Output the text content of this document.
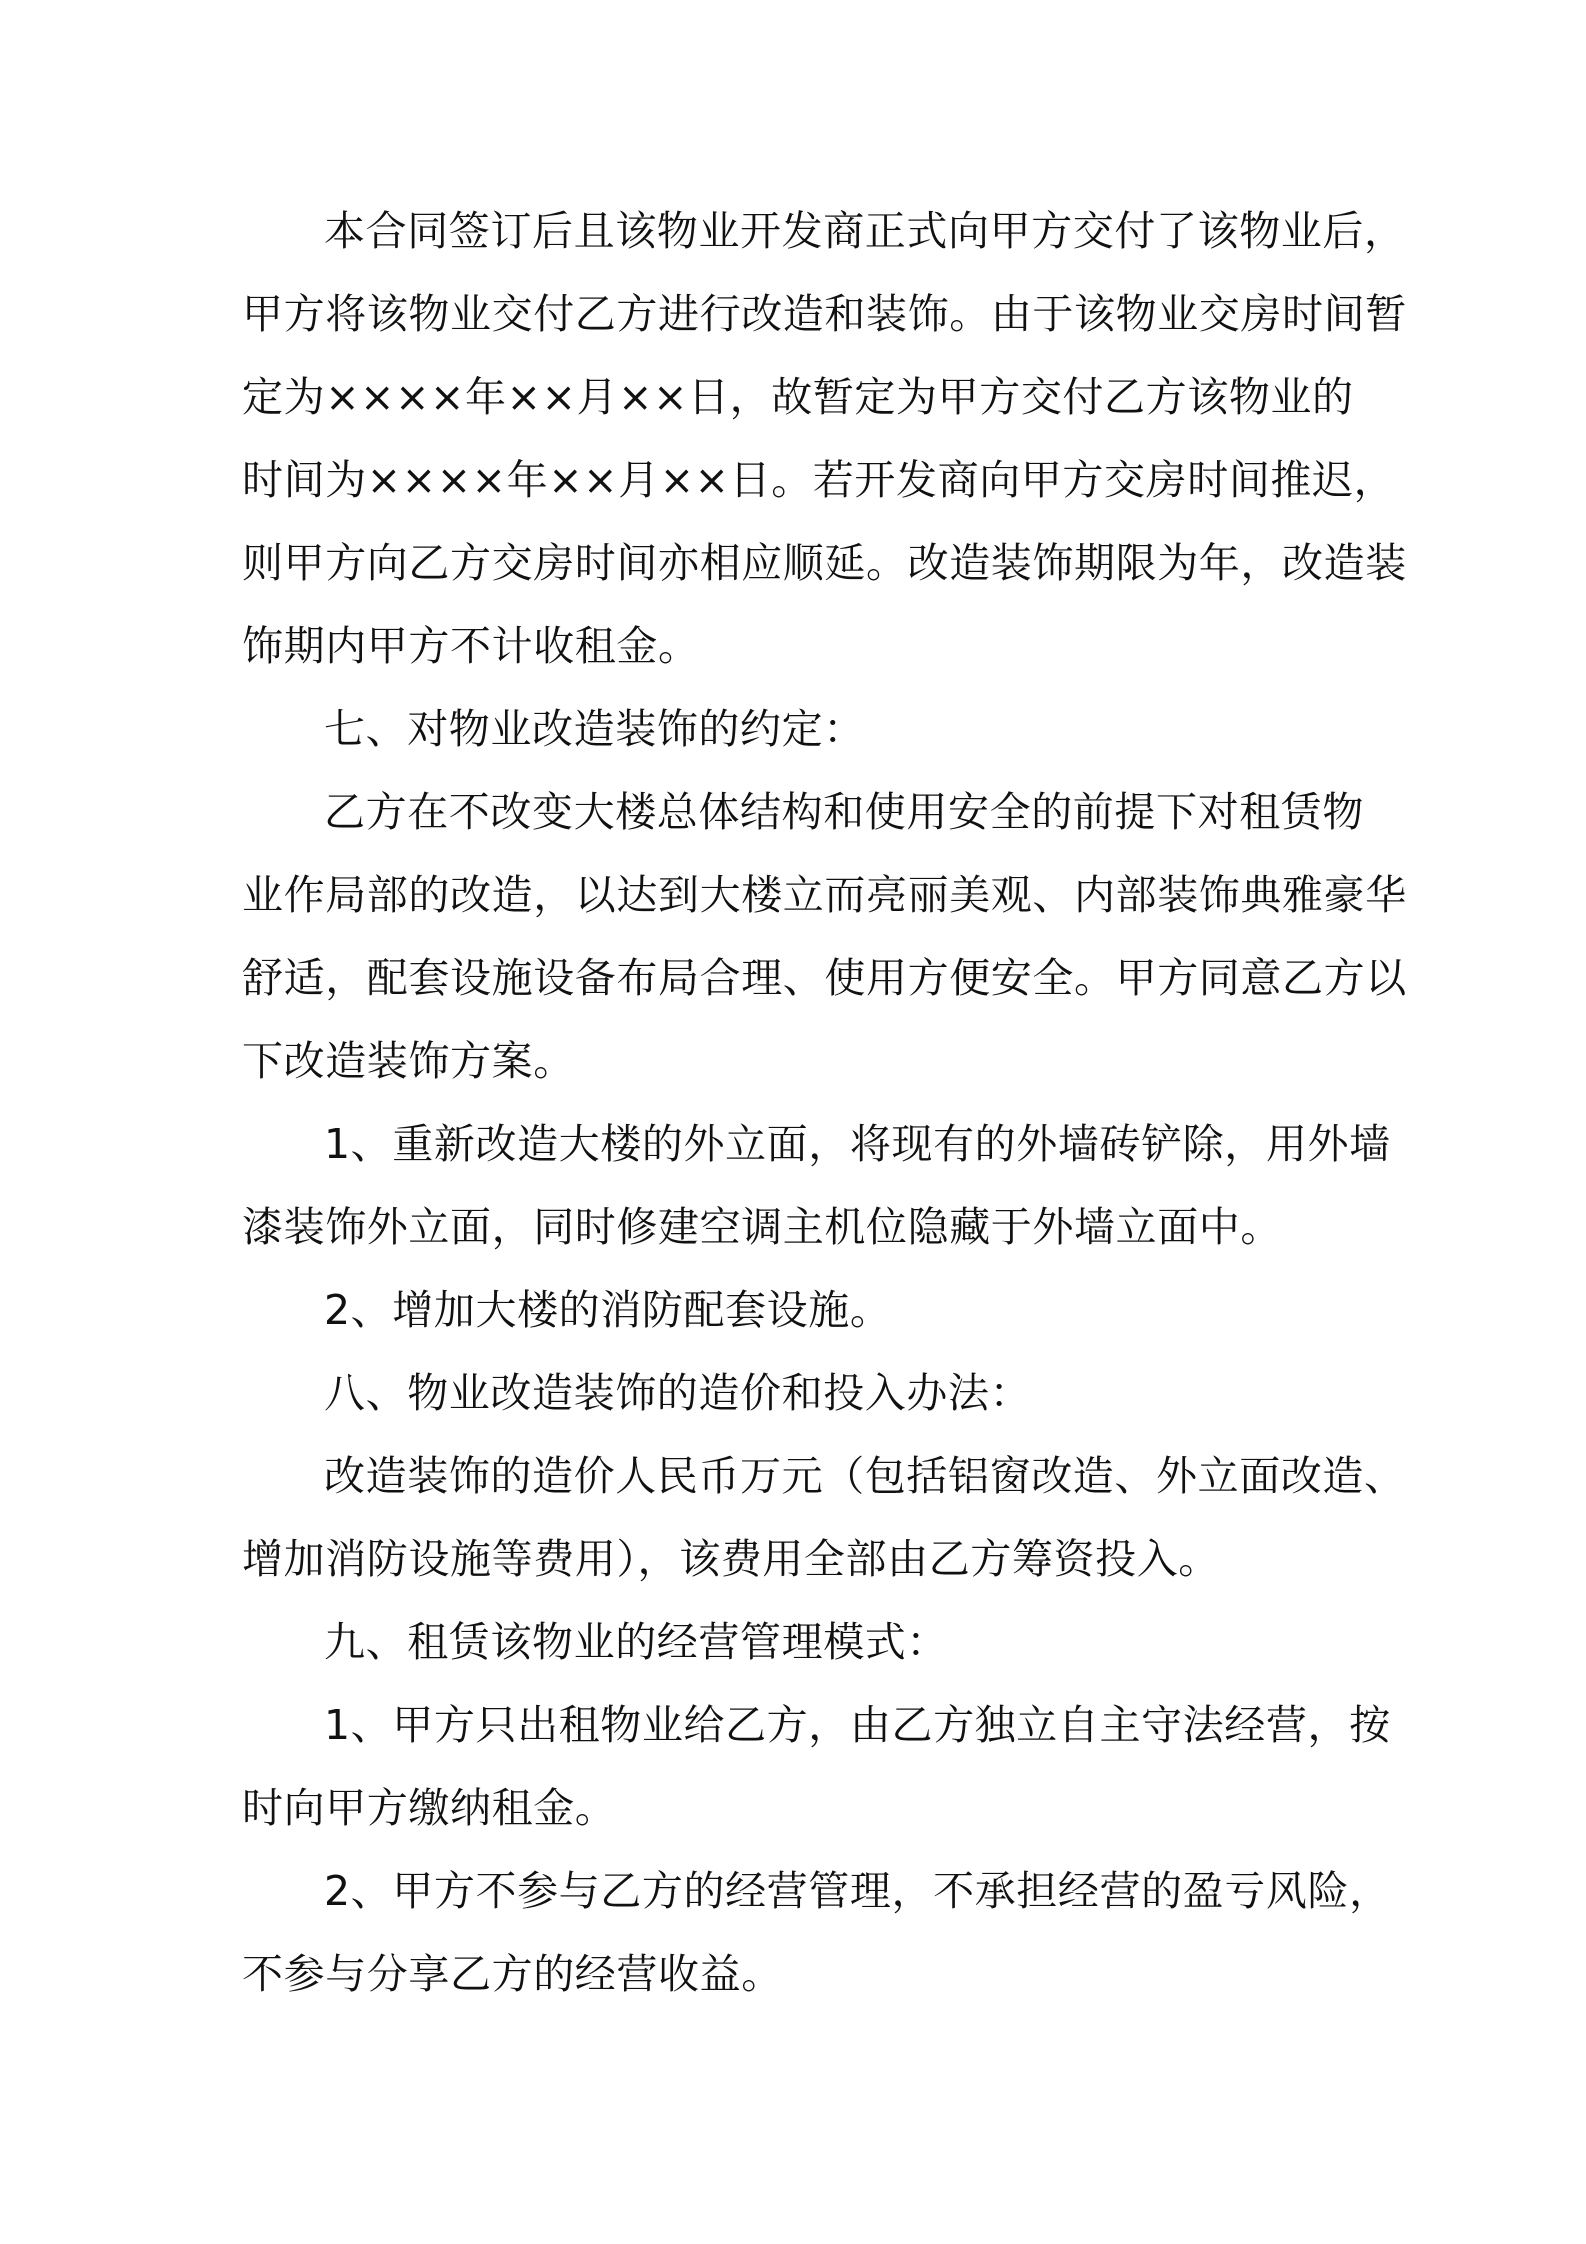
本合同签订后且该物业开发商正式向甲方交付了该物业后，
甲方将该物业交付乙方进行改造和装饰。由于该物业交房时间暂
定为××××年××月××日，故暂定为甲方交付乙方该物业的
时间为××××年××月××日。若开发商向甲方交房时间推迟，
则甲方向乙方交房时间亦相应顺延。改造装饰期限为年，改造装
饰期内甲方不计收租金。
七、对物业改造装饰的约定：
乙方在不改变大楼总体结构和使用安全的前提下对租赁物
业作局部的改造，以达到大楼立而亮丽美观、内部装饰典雅豪华
舒适，配套设施设备布局合理、使用方便安全。甲方同意乙方以
下改造装饰方案。
1、重新改造大楼的外立面，将现有的外墙砖铲除，用外墙
漆装饰外立面，同时修建空调主机位隐藏于外墙立面中。
2、增加大楼的消防配套设施。
八、物业改造装饰的造价和投入办法：
改造装饰的造价人民币万元（包括铝窗改造、外立面改造、
增加消防设施等费用），该费用全部由乙方筹资投入。
九、租赁该物业的经营管理模式：
1、甲方只出租物业给乙方，由乙方独立自主守法经营，按
时向甲方缴纳租金。
2、甲方不参与乙方的经营管理，不承担经营的盈亏风险，
不参与分享乙方的经营收益。
